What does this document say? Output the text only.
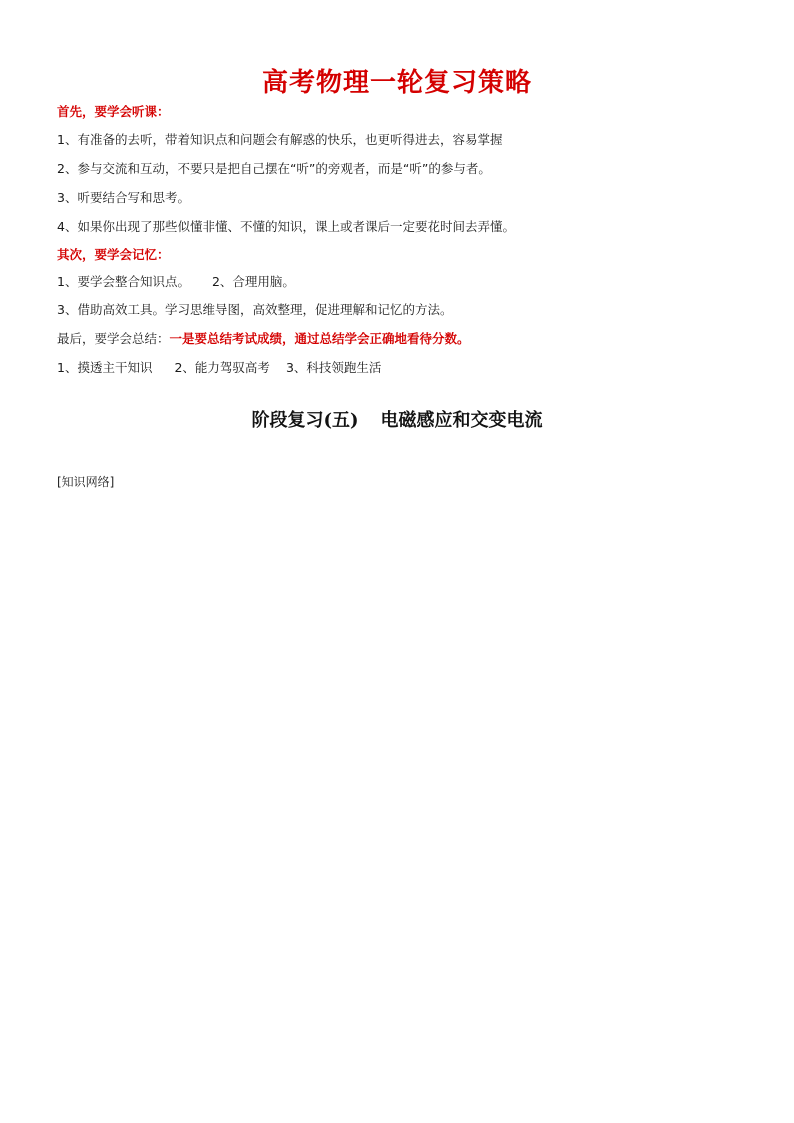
高考物理一轮复习策略
首先，要学会听课：
1、有准备的去听，带着知识点和问题会有解惑的快乐，也更听得进去，容易掌握
2、参与交流和互动，不要只是把自己摆在“听”的旁观者，而是“听”的参与者。
3、听要结合写和思考。
4、如果你出现了那些似懂非懂、不懂的知识，课上或者课后一定要花时间去弄懂。
其次，要学会记忆：
1、要学会整合知识点。 2、合理用脑。
3、借助高效工具。学习思维导图，高效整理，促进理解和记忆的方法。
最后，要学会总结：一是要总结考试成绩，通过总结学会正确地看待分数。
1、摸透主干知识 2、能力驾驭高考 3、科技领跑生活
阶段复习(五) 电磁感应和交变电流
[知识网络]
